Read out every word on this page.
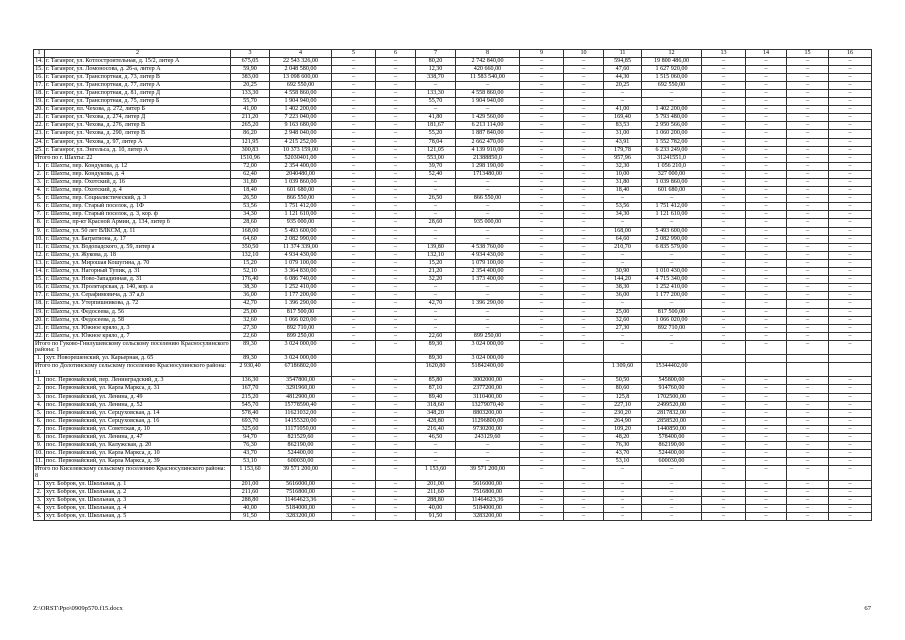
1	2	3	4	5	6	7	8	9	10	11	12	13	14	15	16
14.	г. Таганрог, ул. Котлостроительная, д. 15/2, литер А	675,05	22 543 326,00	–	–	80,20	2 742 840,00	–	–	594,85	19 800 486,00	–	–	–	–
15.	г. Таганрог, ул. Ломоносова, д. 26-а, литер А	59,90	2 048 580,00	–	–	12,30	420 660,00	–	–	47,60	1 627 920,00	–	–	–	–
16.	г. Таганрог, ул. Транспортная, д. 73, литер В	383,00	13 098 600,00	–	–	338,70	11 583 540,00	–	–	44,30	1 515 060,00	–	–	–	–
17.	г. Таганрог, ул. Транспортная, д. 77, литер А	20,25	692 550,00	–	–	–	–	–	–	20,25	692 550,00	–	–	–	–
18.	г. Таганрог, ул. Транспортная, д. 81, литер Д	133,30	4 558 860,00	–	–	133,30	4 558 860,00	–	–	–	–	–	–	–	–
19.	г. Таганрог, ул. Транспортная, д. 75, литер Б	55,70	1 904 940,00	–	–	55,70	1 904 940,00	–	–	–	–	–	–	–	–
20.	г. Таганрог, пл. Чехова, д. 272, литер Б	41,00	1 402 200,00	–	–	–	–	–	–	41,00	1 402 200,00	–	–	–	–
21.	г. Таганрог, ул. Чехова, д. 274, литер Д	211,20	7 223 040,00	–	–	41,80	1 429 560,00	–	–	169,40	5 793 480,00	–	–	–	–
22.	г. Таганрог, ул. Чехова, д. 276, литер В	265,20	9 163 680,00	–	–	181,67	6 213 114,00	–	–	83,53	2 950 566,00	–	–	–	–
23.	г. Таганрог, ул. Чехова, д. 290, литер В	86,20	2 948 040,00	–	–	55,20	1 887 840,00	–	–	31,00	1 060 200,00	–	–	–	–
24.	г. Таганрог, ул. Чехова, д. 97, литер А	121,95	4 215 252,00	–	–	78,04	2 662 470,00	–	–	43,91	1 552 782,00	–	–	–	–
25.	г. Таганрог, ул. Энгельса, д. 10, литер А	300,83	10 373 159,00	–	–	121,05	4 139 910,00	–	–	179,78	6 233 249,00	–	–	–	–
Итого по г. Шахты: 22		1510,96	52030401,00	–	–	553,00	21388850,0	–	–	957,96	31241551,0	–	–	–	–
1.	г. Шахты, пер. Кондукова, д. 12	72,00	2 354 400,00	–	–	39,70	1 298 190,00	–	–	32,30	1 056 210,0	–	–	–	–
2.	г. Шахты, пер. Кондукова, д. 4	62,40	2040480,00	–	–	52,40	1713480,00	–	–	10,00	327 000,00	–	–	–	–
3.	г. Шахты, пер. Охотский, д. 16	31,80	1 039 860,00	–	–	–	–	–	–	31,80	1 039 860,00	–	–	–	–
4.	г. Шахты, пер. Охотский, д. 4	18,40	601 680,00	–	–	–	–	–	–	18,40	601 680,00	–	–	–	–
5.	г. Шахты, пер. Социалистический, д. 3	26,50	866 550,00	–	–	26,50	866 550,00	–	–	–	–	–	–	–	–
6.	г. Шахты, пер. Старый поселок, д. 1Ф	53,56	1 751 412,00	–	–	–	–	–	–	53,56	1 751 412,00	–	–	–	–
7.	г. Шахты, пер. Старый поселок, д. 3, кор. ф	34,30	1 121 610,00	–	–	–	–	–	–	34,30	1 121 610,00	–	–	–	–
8.	г. Шахты, пр-кт Красной Армии, д. 134, литер б	28,60	935 000,00	–	–	28,60	935 000,00	–	–	–	–	–	–	–	–
9.	г. Шахты, ул. 50 лет ВЛКСМ, д. 11	168,00	5 493 600,00	–	–	–	–	–	–	168,00	5 493 600,00	–	–	–	–
10.	г. Шахты, ул. Багратиона, д. 17	64,60	2 082 990,00	–	–	–	–	–	–	64,60	2 082 990,00	–	–	–	–
11.	г. Шахты, ул. Водопадского, д. 59, литер а	350,50	11 374 339,00	–	–	139,80	4 538 760,00	–	–	210,70	6 835 579,00	–	–	–	–
12.	г. Шахты, ул. Жукова, д. 18	132,10	4 934 430,00	–	–	132,10	4 934 430,00	–	–	–	–	–	–	–	–
13.	г. Шахты, ул. Мирошая Кошугина, д. 70	15,20	1 079 100,00	–	–	15,20	1 079 100,00	–	–	–	–	–	–	–	–
14.	г. Шахты, ул. Нагорный Тупик, д. 31	52,10	3 364 830,00	–	–	21,20	2 354 400,00	–	–	30,90	1 010 430,00	–	–	–	–
15.	г. Шахты, ул. Ново-Западинная, д. 31	176,40	6 086 740,00	–	–	32,20	1 373 400,00	–	–	144,20	4 715 340,00	–	–	–	–
16.	г. Шахты, ул. Пролетарская, д. 140, кор. а	38,30	1 252 410,00	–	–	–	–	–	–	38,30	1 252 410,00	–	–	–	–
17.	г. Шахты, ул. Серафимовича, д. 37 а,б	36,00	1 177 200,00	–	–	–	–	–	–	36,00	1 177 200,00	–	–	–	–
18.	г. Шахты, ул. Утерпишникова, д. 72	42,70	1 396 290,00	–	–	42,70	1 396 290,00	–	–	–	–	–	–	–	–
19.	г. Шахты, ул. Федосеева, д. 56	25,00	817 500,00	–	–	–	–	–	–	25,00	817 500,00	–	–	–	–
20.	г. Шахты, ул. Федосеева, д. 58	32,60	1 066 020,00	–	–	–	–	–	–	32,60	1 066 020,00	–	–	–	–
21.	г. Шахты, ул. Южное кряло, д. 3	27,30	892 710,00	–	–	–	–	–	–	27,30	892 710,00	–	–	–	–
22.	г. Шахты, ул. Южное кряло, д. 7	22,60	899 250,00	–	–	22,60	899 250,00	–	–	–	–	–	–	–	–
Итого по Гуково-Гнилушевскому сельскому поселению Красносулинского района: 1		89,30	3 024 000,00	–	–	89,30	3 024 000,00	–	–	–	–	–	–	–	–
1.	хут. Новорешенский, ул. Карьерная, д. 65	89,30	3 024 000,00			89,30	3 024 000,00								
Итого по Долотинскому сельскому поселению Красносулинского района: 11		2 930,40	67186802,00			1620,80	51842400,00			1 309,60	15344402,00				
1.	пос. Первомайский, пер. Ленинградский, д. 3	136,30	3547800,00	–	–	85,80	3002000,00	–	–	50,50	545800,00	–	–	–	–
2.	пос. Первомайский, ул. Карла Маркса, д. 31	167,70	3291960,00	–	–	87,10	2377200,00	–	–	80,60	914760,00	–	–	–	–
3.	пос. Первомайский, ул. Ленина, д. 49	215,20	4812900,00	–	–	89,40	3110400,00	–	–	125,8	1702500,00	–	–	–	–
4.	пос. Первомайский, ул. Ленина, д. 52	545,70	15778590,40	–	–	318,60	13279070,40	–	–	227,10	2499520,00	–	–	–	–
5.	пос. Первомайский, ул. Серцуховская, д. 14	578,40	11621032,00	–	–	348,20	8803200,00	–	–	230,20	2817832,00	–	–	–	–
6.	пос. Первомайский, ул. Серцуховская, д. 16	693,70	14155320,00	–	–	428,80	11296800,00	–	–	264,90	2858520,00	–	–	–	–
7.	пос. Первомайский, ул. Советская, д. 10	325,60	11171050,00	–	–	216,40	9730200,00	–	–	109,20	1440850,00	–	–	–	–
8.	пос. Первомайский, ул. Ленина, д. 47	94,70	821529,60	–	–	46,50	243129,60	–	–	48,20	578400,00	–	–	–	–
9.	пос. Первомайский, ул. Калужская, д. 20	76,30	862190,00	–	–	–	–	–	–	76,30	862190,00	–	–	–	–
10.	пос. Первомайский, ул. Карла Маркса, д. 10	43,70	524400,00	–	–	–	–	–	–	43,70	524400,00	–	–	–	–
11.	пос. Первомайский, ул. Карла Маркса, д. 39	53,10	600030,00	–	–	–	–	–	–	53,10	600030,00	–	–	–	–
Итого по Киселевскому сельскому поселению Красносулинского района: 8		1 153,60	39 571 200,00	–	–	1 153,60	39 571 200,00	–	–	–	–	–	–	–	–
1.	хут. Бобров, ул. Школьная, д. 1	201,00	5616000,00	–	–	201,00	5616000,00	–	–	–	–	–	–	–	–
2.	хут. Бобров, ул. Школьная, д. 2	211,60	7516800,00	–	–	211,60	7516800,00	–	–	–	–	–	–	–	–
3.	хут. Бобров, ул. Школьная, д. 3	288,80	11464623,36	–	–	288,80	11464623,36	–	–	–	–	–	–	–	–
4.	хут. Бобров, ул. Школьная, д. 4	40,00	5184000,00	–	–	40,00	5184000,00	–	–	–	–	–	–	–	–
5.	хут. Бобров, ул. Школьная, д. 5	91,50	3283200,00	–	–	91,50	3283200,00	–	–	–	–	–	–	–	–
Z:\ORST\Ppo\0909p570.f15.docx	67
